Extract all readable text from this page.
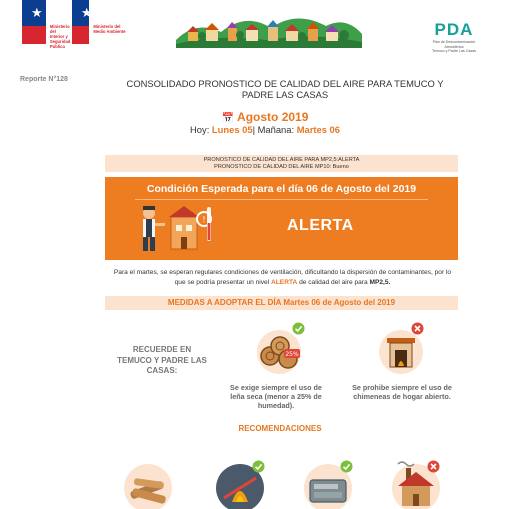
★
Ministerio del Interior y Seguridad Pública
★
Ministerio del Medio Ambiente	PDA
Plan de Descontaminación Atmosférica
Temuco y Padre Las Casas
Reporte N°128	CONSOLIDADO PRONOSTICO DE CALIDAD DEL AIRE PARA TEMUCO Y PADRE LAS CASAS
📅 Agosto 2019
Hoy: Lunes 05| Mañana: Martes 06
PRONOSTICO DE CALIDAD DEL AIRE PARA MP2,5:ALERTA
PRONOSTICO DE CALIDAD DEL AIRE MP10: Bueno
Condición Esperada para el día 06 de Agosto del 2019
!	ALERTA
Para el martes, se esperan regulares condiciones de ventilación, dificultando la dispersión de contaminantes, por lo que se podría presentar un nivel ALERTA de calidad del aire para MP2,5.
MEDIDAS A ADOPTAR EL DÍA Martes 06 de Agosto del 2019
RECUERDE EN TEMUCO Y PADRE LAS CASAS:
25%
Se exige siempre el uso de leña seca (menor a 25% de humedad).
Se prohibe siempre el uso de chimeneas de hogar abierto.
RECOMENDACIONES
